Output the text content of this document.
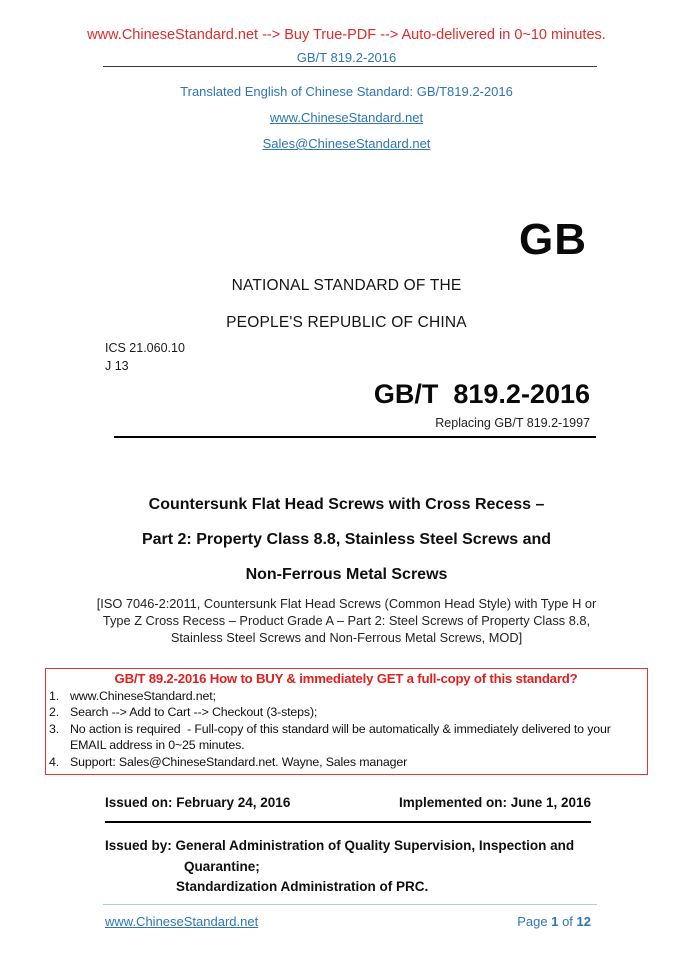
www.ChineseStandard.net --> Buy True-PDF --> Auto-delivered in 0~10 minutes.
GB/T 819.2-2016
Translated English of Chinese Standard: GB/T819.2-2016
www.ChineseStandard.net
Sales@ChineseStandard.net
GB
NATIONAL STANDARD OF THE
PEOPLE'S REPUBLIC OF CHINA
ICS 21.060.10
J 13
GB/T  819.2-2016
Replacing GB/T 819.2-1997
Countersunk Flat Head Screws with Cross Recess –
Part 2: Property Class 8.8, Stainless Steel Screws and
Non-Ferrous Metal Screws
[ISO 7046-2:2011, Countersunk Flat Head Screws (Common Head Style) with Type H or Type Z Cross Recess – Product Grade A – Part 2: Steel Screws of Property Class 8.8, Stainless Steel Screws and Non-Ferrous Metal Screws, MOD]
GB/T 89.2-2016 How to BUY & immediately GET a full-copy of this standard?
1. www.ChineseStandard.net;
2. Search --> Add to Cart --> Checkout (3-steps);
3. No action is required  - Full-copy of this standard will be automatically & immediately delivered to your EMAIL address in 0~25 minutes.
4. Support: Sales@ChineseStandard.net. Wayne, Sales manager
Issued on: February 24, 2016	Implemented on: June 1, 2016
Issued by: General Administration of Quality Supervision, Inspection and
Quarantine;
Standardization Administration of PRC.
www.ChineseStandard.net	Page 1 of 12
